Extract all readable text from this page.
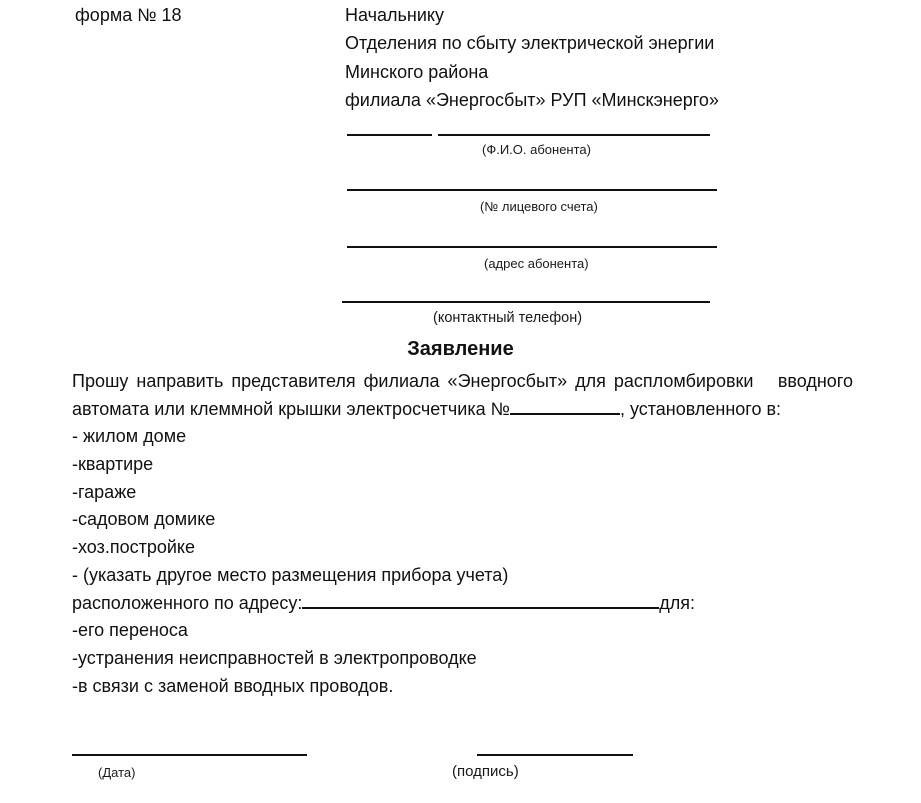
форма № 18	Начальнику
Отделения по сбыту электрической энергии
Минского района
филиала «Энергосбыт» РУП «Минскэнерго»
(Ф.И.О. абонента)
(№ лицевого счета)
(адрес абонента)
(контактный телефон)
Заявление
Прошу направить представителя филиала «Энергосбыт» для распломбировки вводного
автомата или клеммной крышки электросчетчика №	, установленного в:
- жилом доме
-квартире
-гараже
-садовом домике
-хоз.постройке
- (указать другое место размещения прибора учета)
расположенного по адресу:	для:
-его переноса
-устранения неисправностей в электропроводке
-в связи с заменой вводных проводов.
(Дата)	(подпись)
